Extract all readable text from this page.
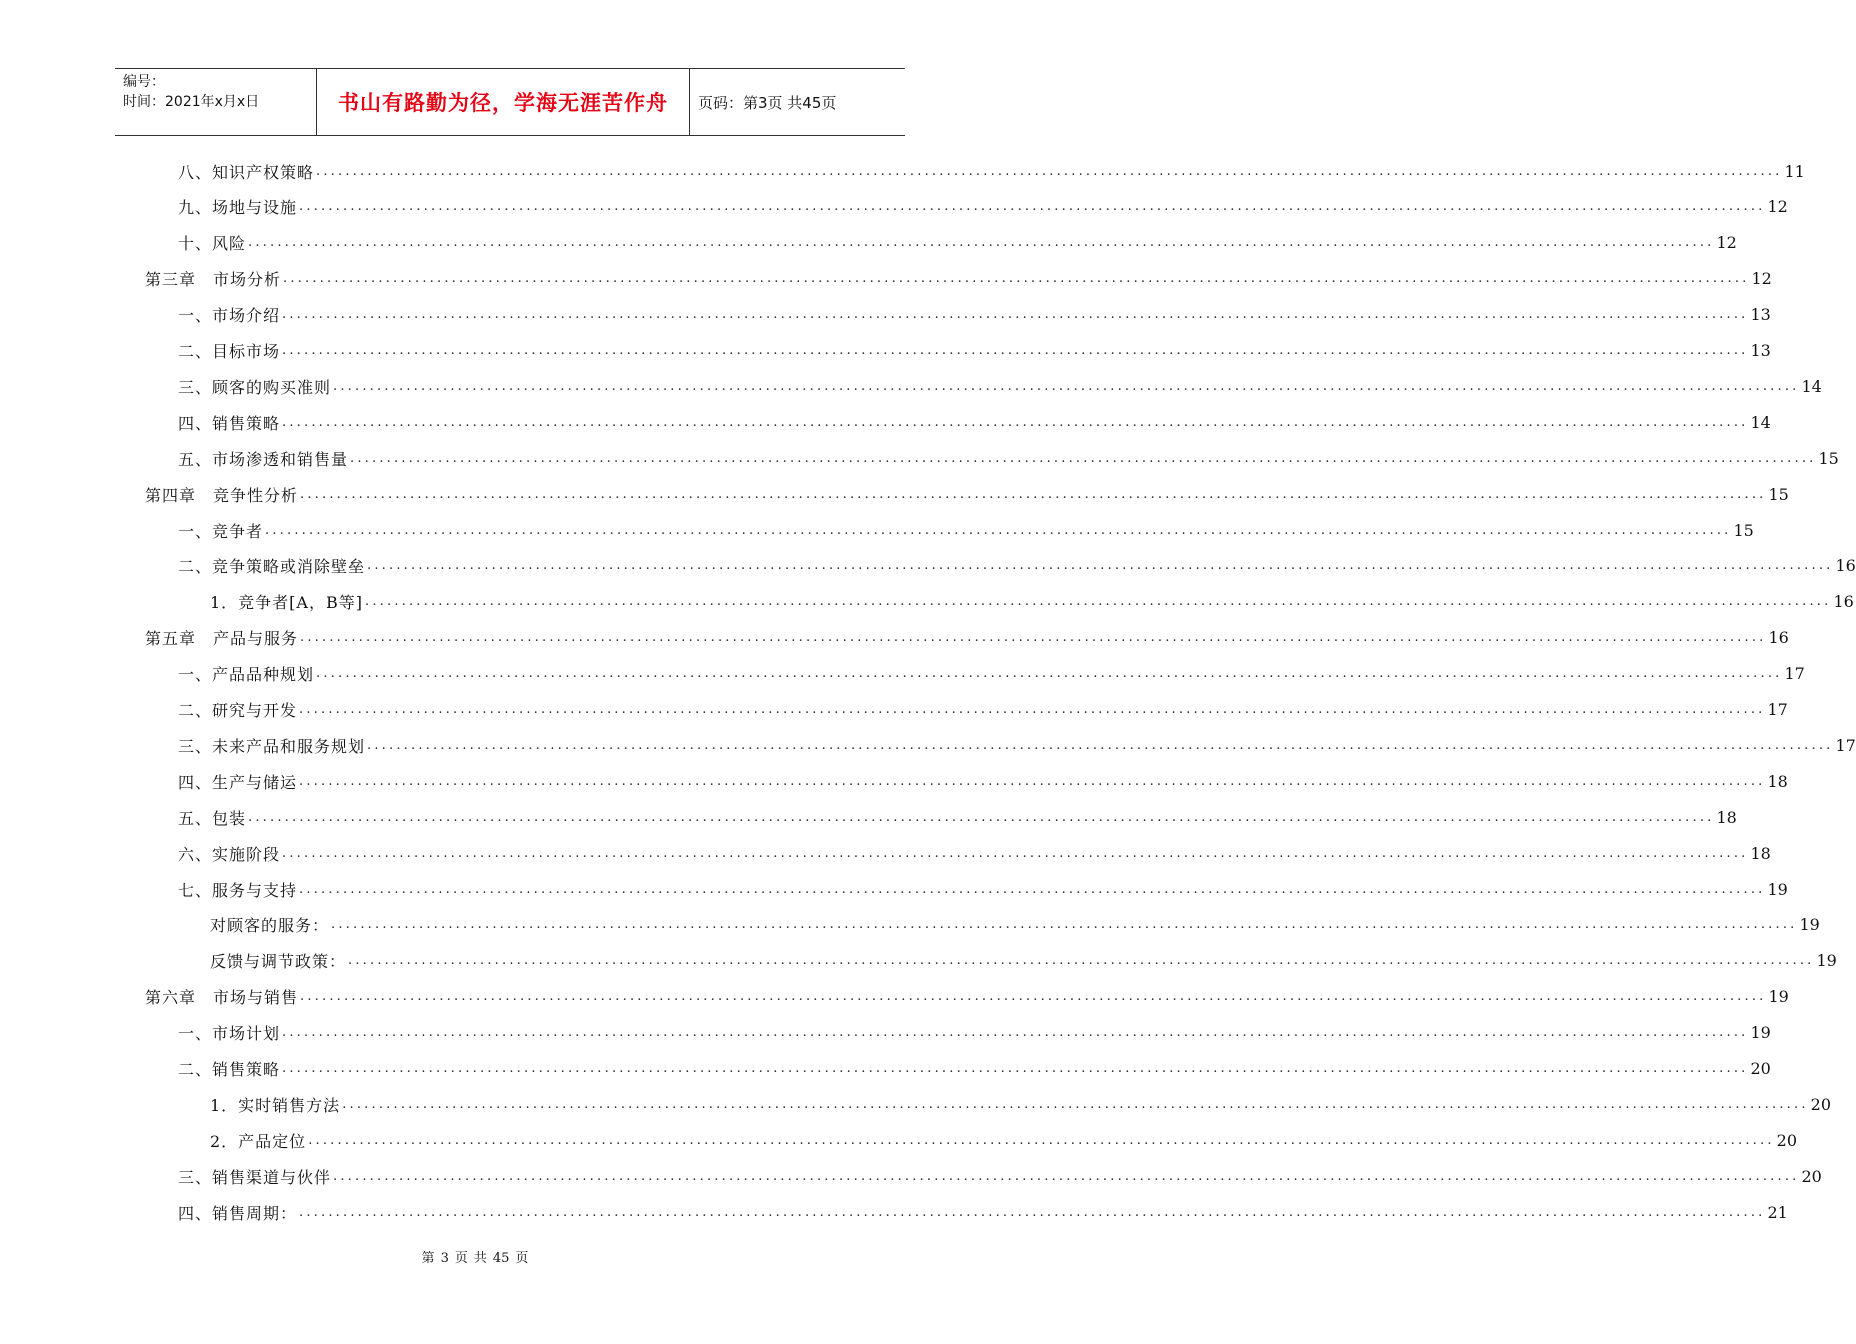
编号：
时间：2021年x月x日	书山有路勤为径，学海无涯苦作舟 页码：第3页 共45页
八、知识产权策略 ........................................................................................................................................................................................................ 11
九、场地与设施 ........................................................................................................................................................................................................ 12
十、风险 ........................................................................................................................................................................................................ 12
第三章　市场分析 ........................................................................................................................................................................................................ 12
一、市场介绍 ........................................................................................................................................................................................................ 13
二、目标市场 ........................................................................................................................................................................................................ 13
三、顾客的购买准则 ........................................................................................................................................................................................................ 14
四、销售策略 ........................................................................................................................................................................................................ 14
五、市场渗透和销售量 ........................................................................................................................................................................................................ 15
第四章　竞争性分析 ........................................................................................................................................................................................................ 15
一、竞争者 ........................................................................................................................................................................................................ 15
二、竞争策略或消除壁垒 ........................................................................................................................................................................................................ 16
1．竞争者[A，B等] ........................................................................................................................................................................................................ 16
第五章　产品与服务 ........................................................................................................................................................................................................ 16
一、产品品种规划 ........................................................................................................................................................................................................ 17
二、研究与开发 ........................................................................................................................................................................................................ 17
三、未来产品和服务规划 ........................................................................................................................................................................................................ 17
四、生产与储运 ........................................................................................................................................................................................................ 18
五、包装 ........................................................................................................................................................................................................ 18
六、实施阶段 ........................................................................................................................................................................................................ 18
七、服务与支持 ........................................................................................................................................................................................................ 19
对顾客的服务： ........................................................................................................................................................................................................ 19
反馈与调节政策： ........................................................................................................................................................................................................ 19
第六章　市场与销售 ........................................................................................................................................................................................................ 19
一、市场计划 ........................................................................................................................................................................................................ 19
二、销售策略 ........................................................................................................................................................................................................ 20
1．实时销售方法 ........................................................................................................................................................................................................ 20
2．产品定位 ........................................................................................................................................................................................................ 20
三、销售渠道与伙伴 ........................................................................................................................................................................................................ 20
四、销售周期： ........................................................................................................................................................................................................ 21
第 3 页 共 45 页
